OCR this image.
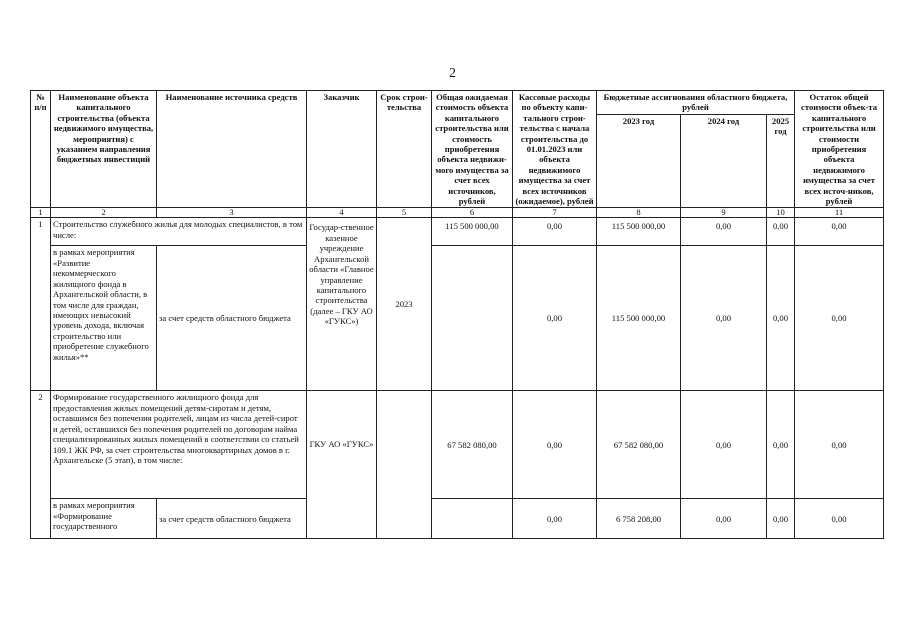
2
№ п/п	Наименование объекта капитального строительства (объекта недвижимого имущества, мероприятия) с указанием направления бюджетных инвестиций	Наименование источника средств	Заказчик	Срок строи-тельства	Общая ожидаемая стоимость объекта капитального строительства или стоимость приобретения объекта недвижи-мого имущества за счет всех источников, рублей	Кассовые расходы по объекту капи-тального строи-тельства с начала строительства до 01.01.2023 или объекта недвижимого имущества за счет всех источников (ожидаемое), рублей	Бюджетные ассигнования областного бюджета, рублей			Остаток общей стоимости объек-та капитального строительства или стоимости приобретения объекта недвижимого имущества за счет всех источ-ников, рублей
							2023 год	2024 год	2025 год	
1	2	3	4	5	6	7	8	9	10	11
1	Строительство служебного жилья для молодых специалистов, в том числе:		Государ-ственное казенное учреждение Архангельской области «Главное управление капитального строительства (далее – ГКУ АО «ГУКС»)	2023	115 500 000,00	0,00	115 500 000,00	0,00	0,00	0,00
	в рамках мероприятия «Развитие некоммерческого жилищного фонда в Архангельской области, в том числе для граждан, имеющих невысокий уровень дохода, включая строительство или приобретение служебного жилья»**	за счет средств областного бюджета				0,00	115 500 000,00	0,00	0,00	0,00
2	Формирование государственного жилищного фонда для предоставления жилых помещений детям-сиротам и детям, оставшимся без попечения родителей, лицам из числа детей-сирот и детей, оставшихся без попечения родителей по договорам найма специализированных жилых помещений в соответствии со статьей 109.1 ЖК РФ, за счет строительства многоквартирных домов в г. Архангельске (5 этап), в том числе:		ГКУ АО «ГУКС»		67 582 080,00	0,00	67 582 080,00	0,00	0,00	0,00
	в рамках мероприятия «Формирование государственного	за счет средств областного бюджета				0,00	6 758 208,00	0,00	0,00	0,00
